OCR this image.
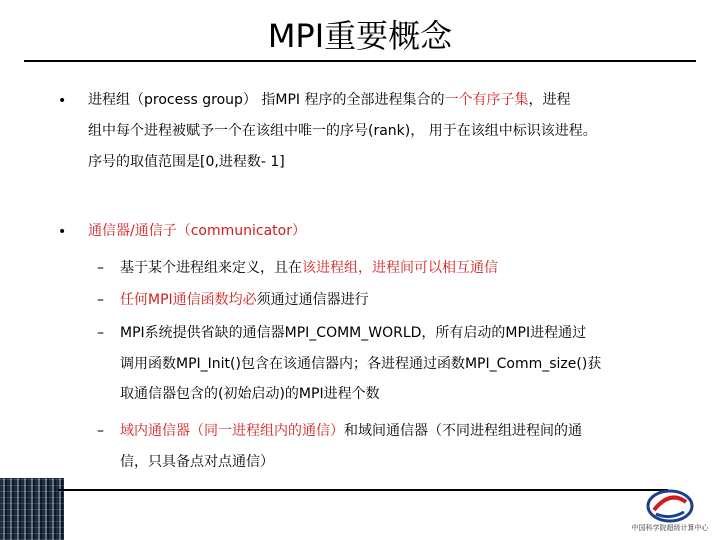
MPI重要概念
• 进程组（process group） 指MPI 程序的全部进程集合的一个有序子集，进程
组中每个进程被赋予一个在该组中唯一的序号(rank)， 用于在该组中标识该进程。
序号的取值范围是[0,进程数- 1]
• 通信器/通信子（communicator）
– 基于某个进程组来定义，且在该进程组，进程间可以相互通信
– 任何MPI通信函数均必须通过通信器进行
– MPI系统提供省缺的通信器MPI_COMM_WORLD，所有启动的MPI进程通过
调用函数MPI_Init()包含在该通信器内；各进程通过函数MPI_Comm_size()获
取通信器包含的(初始启动)的MPI进程个数
– 域内通信器（同一进程组内的通信）和域间通信器（不同进程组进程间的通
信，只具备点对点通信）
中国科学院超级计算中心
